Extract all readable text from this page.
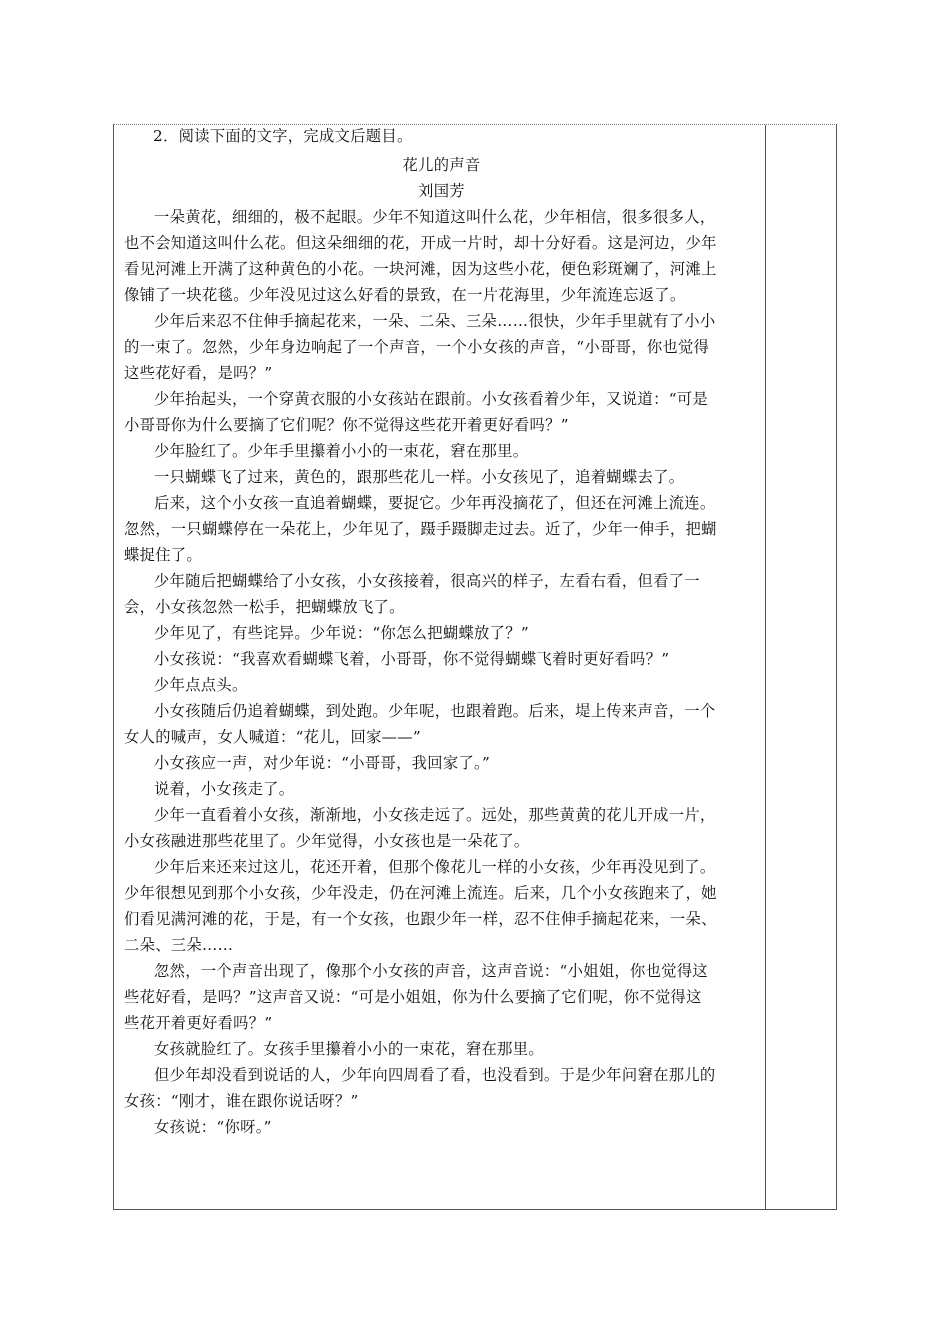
2．阅读下面的文字，完成文后题目。
花儿的声音
刘国芳
一朵黄花，细细的，极不起眼。少年不知道这叫什么花，少年相信，很多很多人，
也不会知道这叫什么花。但这朵细细的花，开成一片时，却十分好看。这是河边，少年
看见河滩上开满了这种黄色的小花。一块河滩，因为这些小花，便色彩斑斓了，河滩上
像铺了一块花毯。少年没见过这么好看的景致，在一片花海里，少年流连忘返了。
少年后来忍不住伸手摘起花来，一朵、二朵、三朵……很快，少年手里就有了小小
的一束了。忽然，少年身边响起了一个声音，一个小女孩的声音，“小哥哥，你也觉得
这些花好看，是吗？”
少年抬起头，一个穿黄衣服的小女孩站在跟前。小女孩看着少年，又说道：“可是
小哥哥你为什么要摘了它们呢？你不觉得这些花开着更好看吗？”
少年脸红了。少年手里攥着小小的一束花，窘在那里。
一只蝴蝶飞了过来，黄色的，跟那些花儿一样。小女孩见了，追着蝴蝶去了。
后来，这个小女孩一直追着蝴蝶，要捉它。少年再没摘花了，但还在河滩上流连。
忽然，一只蝴蝶停在一朵花上，少年见了，蹑手蹑脚走过去。近了，少年一伸手，把蝴
蝶捉住了。
少年随后把蝴蝶给了小女孩，小女孩接着，很高兴的样子，左看右看，但看了一
会，小女孩忽然一松手，把蝴蝶放飞了。
少年见了，有些诧异。少年说：“你怎么把蝴蝶放了？”
小女孩说：“我喜欢看蝴蝶飞着，小哥哥，你不觉得蝴蝶飞着时更好看吗？”
少年点点头。
小女孩随后仍追着蝴蝶，到处跑。少年呢，也跟着跑。后来，堤上传来声音，一个
女人的喊声，女人喊道：“花儿，回家——”
小女孩应一声，对少年说：“小哥哥，我回家了。”
说着，小女孩走了。
少年一直看着小女孩，渐渐地，小女孩走远了。远处，那些黄黄的花儿开成一片，
小女孩融进那些花里了。少年觉得，小女孩也是一朵花了。
少年后来还来过这儿，花还开着，但那个像花儿一样的小女孩，少年再没见到了。
少年很想见到那个小女孩，少年没走，仍在河滩上流连。后来，几个小女孩跑来了，她
们看见满河滩的花，于是，有一个女孩，也跟少年一样，忍不住伸手摘起花来，一朵、
二朵、三朵……
忽然，一个声音出现了，像那个小女孩的声音，这声音说：“小姐姐，你也觉得这
些花好看，是吗？”这声音又说：“可是小姐姐，你为什么要摘了它们呢，你不觉得这
些花开着更好看吗？”
女孩就脸红了。女孩手里攥着小小的一束花，窘在那里。
但少年却没看到说话的人，少年向四周看了看，也没看到。于是少年问窘在那儿的
女孩：“刚才，谁在跟你说话呀？”
女孩说：“你呀。”
